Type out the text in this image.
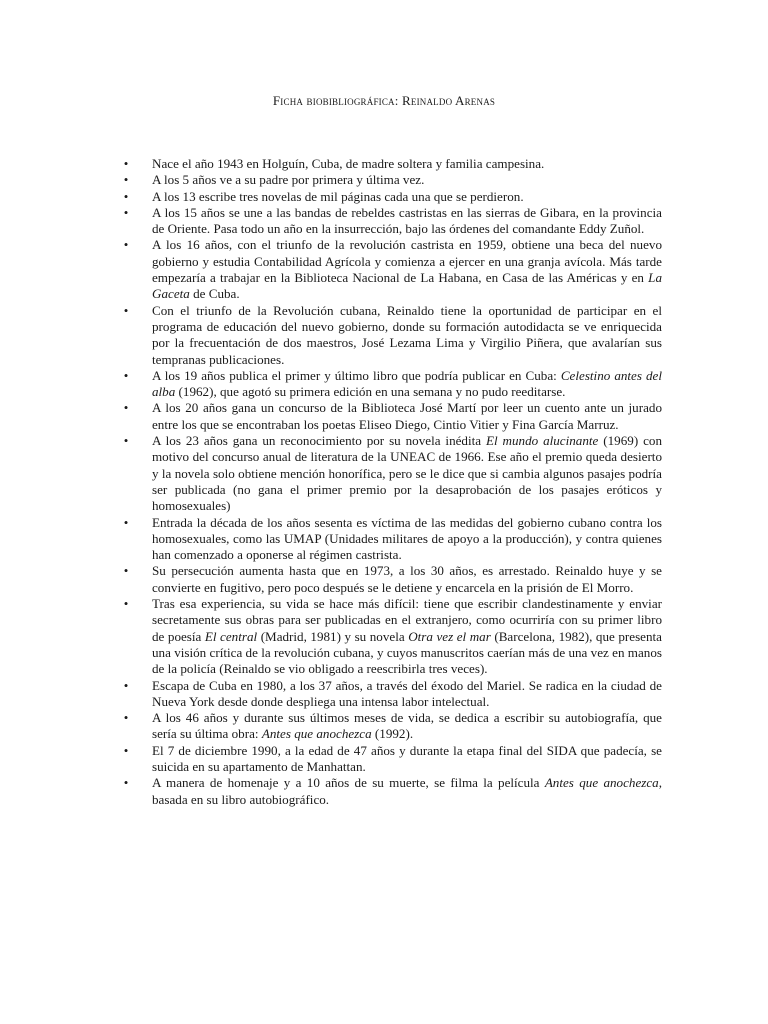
Ficha biobibliográfica: Reinaldo Arenas
•	Nace el año 1943 en Holguín, Cuba, de madre soltera y familia campesina.
•	A los 5 años ve a su padre por primera y última vez.
•	A los 13 escribe tres novelas de mil páginas cada una que se perdieron.
•	A los 15 años se une a las bandas de rebeldes castristas en las sierras de Gibara, en la provincia de Oriente. Pasa todo un año en la insurrección, bajo las órdenes del comandante Eddy Zuñol.
•	A los 16 años, con el triunfo de la revolución castrista en 1959, obtiene una beca del nuevo gobierno y estudia Contabilidad Agrícola y comienza a ejercer en una granja avícola. Más tarde empezaría a trabajar en la Biblioteca Nacional de La Habana, en Casa de las Américas y en La Gaceta de Cuba.
•	Con el triunfo de la Revolución cubana, Reinaldo tiene la oportunidad de participar en el programa de educación del nuevo gobierno, donde su formación autodidacta se ve enriquecida por la frecuentación de dos maestros, José Lezama Lima y Virgilio Piñera, que avalarían sus tempranas publicaciones.
•	A los 19 años publica el primer y último libro que podría publicar en Cuba: Celestino antes del alba (1962), que agotó su primera edición en una semana y no pudo reeditarse.
•	A los 20 años gana un concurso de la Biblioteca José Martí por leer un cuento ante un jurado entre los que se encontraban los poetas Eliseo Diego, Cintio Vitier y Fina García Marruz.
•	A los 23 años gana un reconocimiento por su novela inédita El mundo alucinante (1969) con motivo del concurso anual de literatura de la UNEAC de 1966. Ese año el premio queda desierto y la novela solo obtiene mención honorífica, pero se le dice que si cambia algunos pasajes podría ser publicada (no gana el primer premio por la desaprobación de los pasajes eróticos y homosexuales)
•	Entrada la década de los años sesenta es víctima de las medidas del gobierno cubano contra los homosexuales, como las UMAP (Unidades militares de apoyo a la producción), y contra quienes han comenzado a oponerse al régimen castrista.
•	Su persecución aumenta hasta que en 1973, a los 30 años, es arrestado. Reinaldo huye y se convierte en fugitivo, pero poco después se le detiene y encarcela en la prisión de El Morro.
•	Tras esa experiencia, su vida se hace más difícil: tiene que escribir clandestinamente y enviar secretamente sus obras para ser publicadas en el extranjero, como ocurriría con su primer libro de poesía El central (Madrid, 1981) y su novela Otra vez el mar (Barcelona, 1982), que presenta una visión crítica de la revolución cubana, y cuyos manuscritos caerían más de una vez en manos de la policía (Reinaldo se vio obligado a reescribirla tres veces).
•	Escapa de Cuba en 1980, a los 37 años, a través del éxodo del Mariel. Se radica en la ciudad de Nueva York desde donde despliega una intensa labor intelectual.
•	A los 46 años y durante sus últimos meses de vida, se dedica a escribir su autobiografía, que sería su última obra: Antes que anochezca (1992).
•	El 7 de diciembre 1990, a la edad de 47 años y durante la etapa final del SIDA que padecía, se suicida en su apartamento de Manhattan.
•	A manera de homenaje y a 10 años de su muerte, se filma la película Antes que anochezca, basada en su libro autobiográfico.
